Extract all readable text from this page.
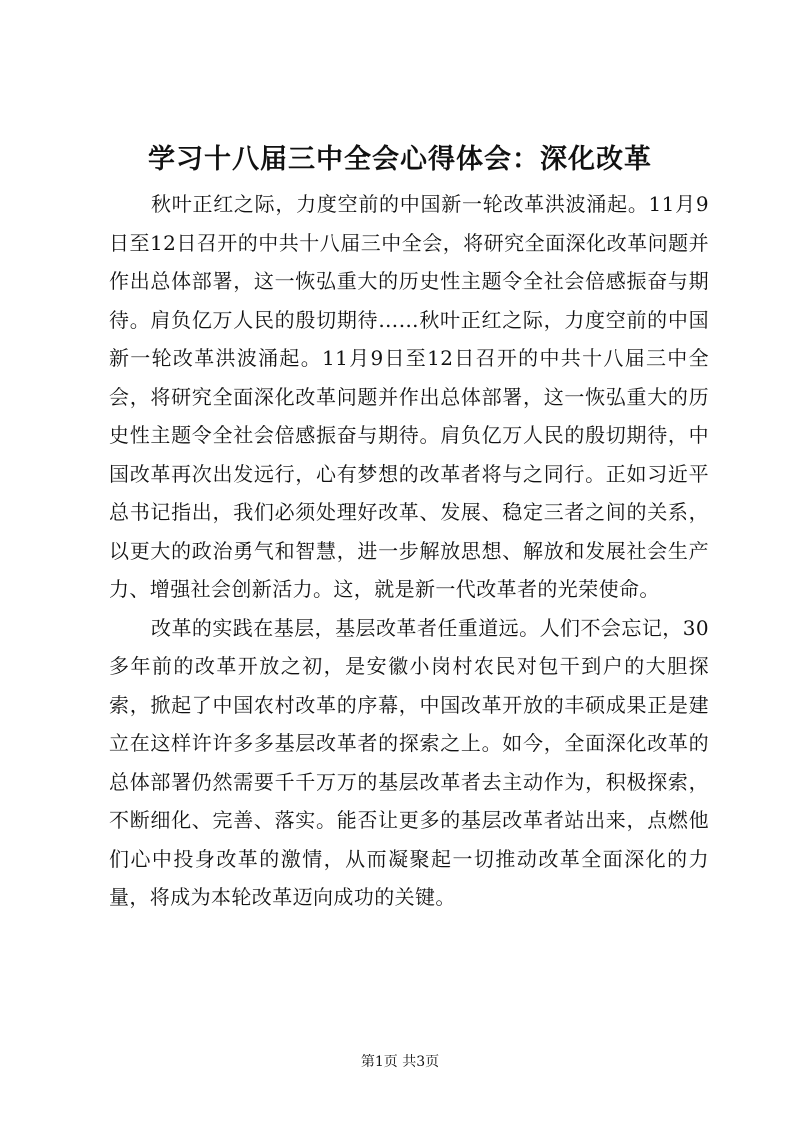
学习十八届三中全会心得体会：深化改革

秋叶正红之际，力度空前的中国新一轮改革洪波涌起。11月9日至12日召开的中共十八届三中全会，将研究全面深化改革问题并作出总体部署，这一恢弘重大的历史性主题令全社会倍感振奋与期待。肩负亿万人民的殷切期待……秋叶正红之际，力度空前的中国新一轮改革洪波涌起。11月9日至12日召开的中共十八届三中全会，将研究全面深化改革问题并作出总体部署，这一恢弘重大的历史性主题令全社会倍感振奋与期待。肩负亿万人民的殷切期待，中国改革再次出发远行，心有梦想的改革者将与之同行。正如习近平总书记指出，我们必须处理好改革、发展、稳定三者之间的关系，以更大的政治勇气和智慧，进一步解放思想、解放和发展社会生产力、增强社会创新活力。这，就是新一代改革者的光荣使命。

改革的实践在基层，基层改革者任重道远。人们不会忘记，30多年前的改革开放之初，是安徽小岗村农民对包干到户的大胆探索，掀起了中国农村改革的序幕，中国改革开放的丰硕成果正是建立在这样许许多多基层改革者的探索之上。如今，全面深化改革的总体部署仍然需要千千万万的基层改革者去主动作为，积极探索，不断细化、完善、落实。能否让更多的基层改革者站出来，点燃他们心中投身改革的激情，从而凝聚起一切推动改革全面深化的力量，将成为本轮改革迈向成功的关键。

第1页 共3页
